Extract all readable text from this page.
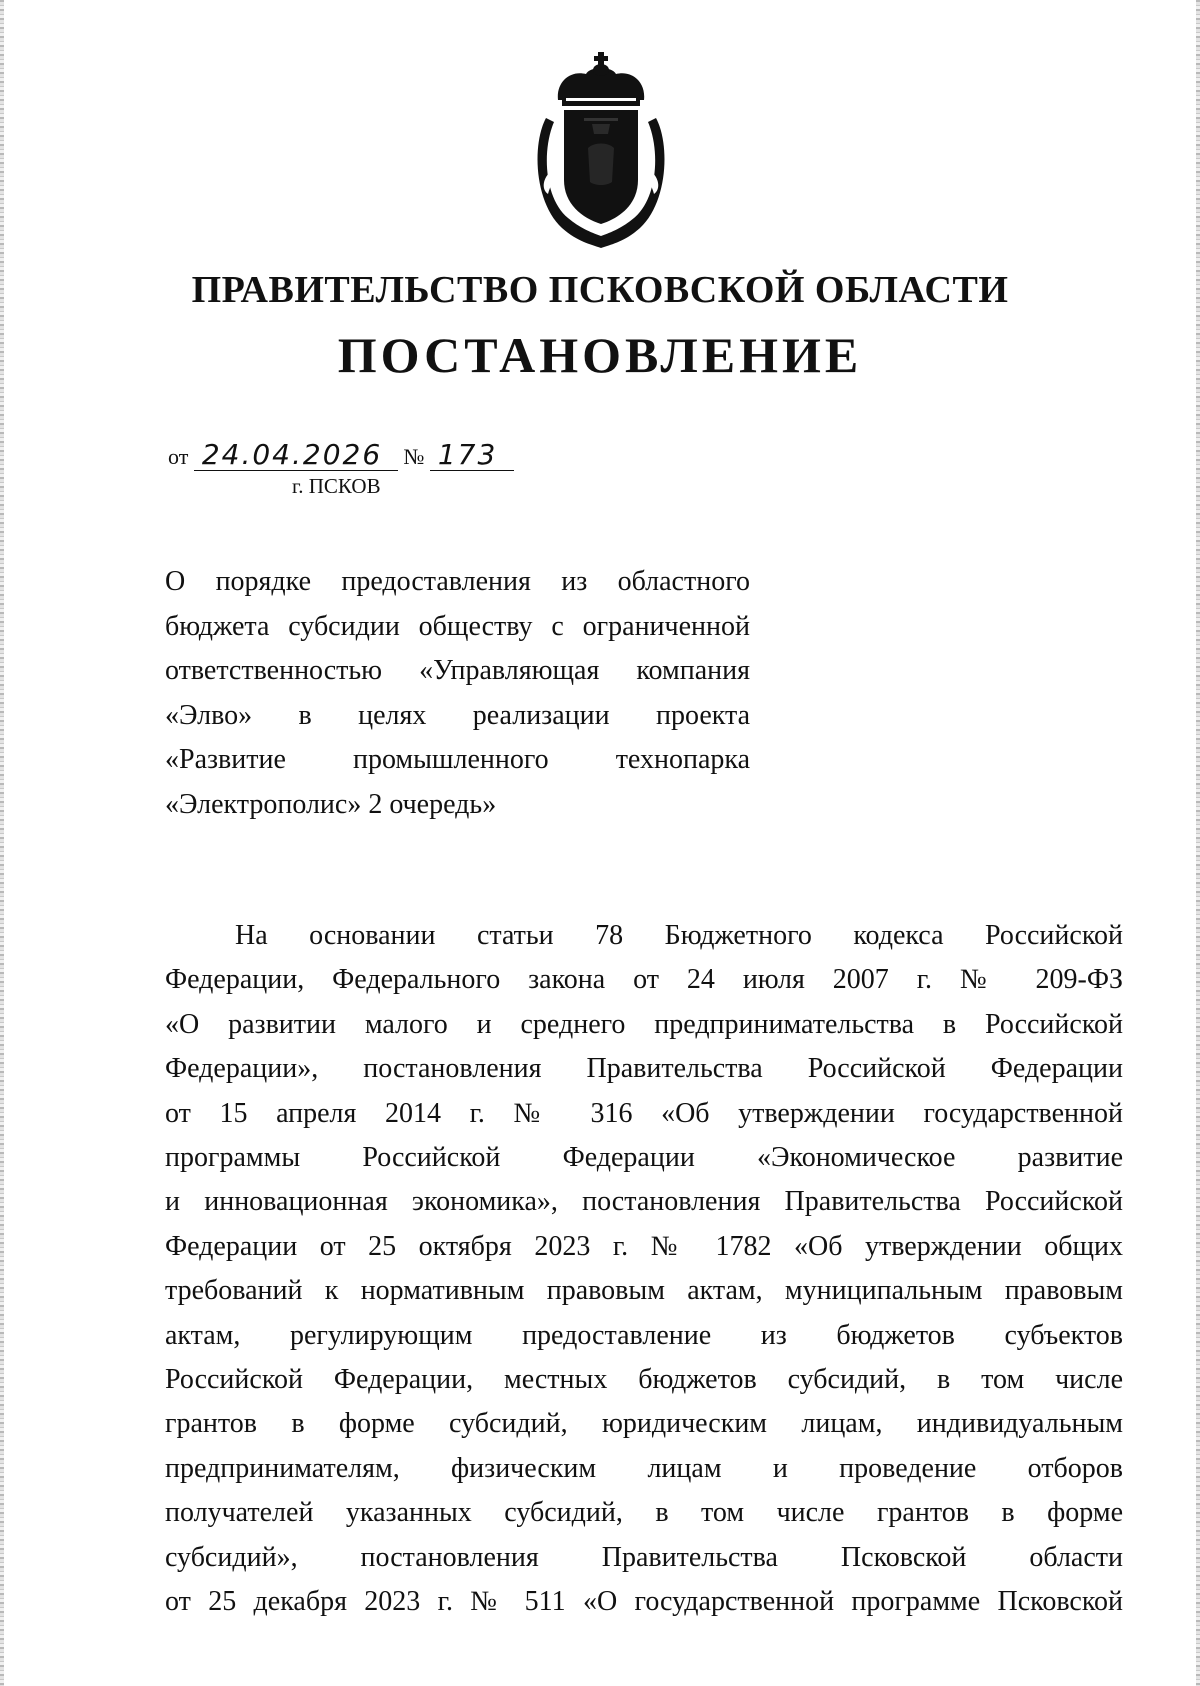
ПРАВИТЕЛЬСТВО ПСКОВСКОЙ ОБЛАСТИ
ПОСТАНОВЛЕНИЕ
от 24.04.2026 № 173
г. ПСКОВ
О порядке предоставления из областного
бюджета субсидии обществу с ограниченной
ответственностью «Управляющая компания
«Элво» в целях реализации проекта
«Развитие промышленного технопарка
«Электрополис» 2 очередь»
На основании статьи 78 Бюджетного кодекса Российской
Федерации, Федерального закона от 24 июля 2007 г. № 209-ФЗ
«О развитии малого и среднего предпринимательства в Российской
Федерации», постановления Правительства Российской Федерации
от 15 апреля 2014 г. № 316 «Об утверждении государственной
программы Российской Федерации «Экономическое развитие
и инновационная экономика», постановления Правительства Российской
Федерации от 25 октября 2023 г. № 1782 «Об утверждении общих
требований к нормативным правовым актам, муниципальным правовым
актам, регулирующим предоставление из бюджетов субъектов
Российской Федерации, местных бюджетов субсидий, в том числе
грантов в форме субсидий, юридическим лицам, индивидуальным
предпринимателям, физическим лицам и проведение отборов
получателей указанных субсидий, в том числе грантов в форме
субсидий», постановления Правительства Псковской области
от 25 декабря 2023 г. № 511 «О государственной программе Псковской
